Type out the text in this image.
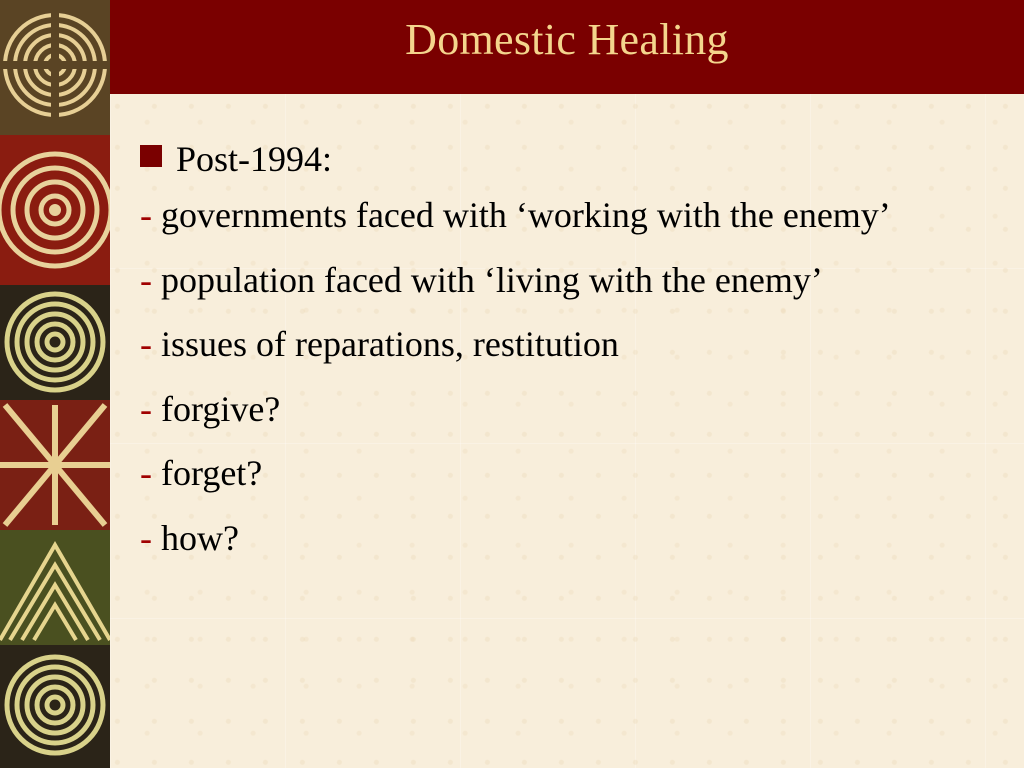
Domestic Healing
Post-1994:
- governments faced with ‘working with the enemy’
- population faced with ‘living with the enemy’
- issues of reparations, restitution
- forgive?
- forget?
- how?
